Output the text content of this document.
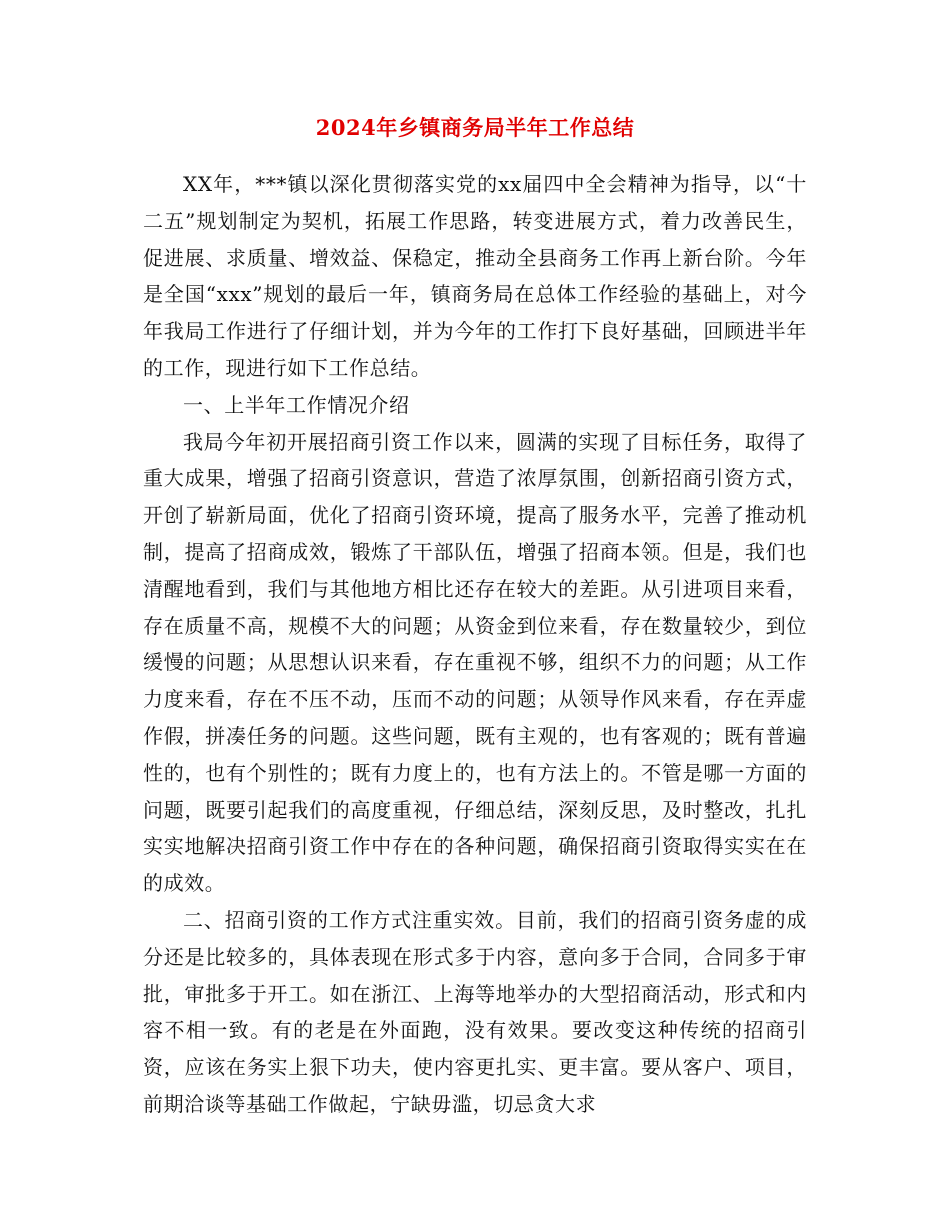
2024年乡镇商务局半年工作总结

XX年，***镇以深化贯彻落实党的xx届四中全会精神为指导，以“十二五”规划制定为契机，拓展工作思路，转变进展方式，着力改善民生，促进展、求质量、增效益、保稳定，推动全县商务工作再上新台阶。今年是全国“xxx”规划的最后一年，镇商务局在总体工作经验的基础上，对今年我局工作进行了仔细计划，并为今年的工作打下良好基础，回顾进半年的工作，现进行如下工作总结。

一、上半年工作情况介绍

我局今年初开展招商引资工作以来，圆满的实现了目标任务，取得了重大成果，增强了招商引资意识，营造了浓厚氛围，创新招商引资方式，开创了崭新局面，优化了招商引资环境，提高了服务水平，完善了推动机制，提高了招商成效，锻炼了干部队伍，增强了招商本领。但是，我们也清醒地看到，我们与其他地方相比还存在较大的差距。从引进项目来看，存在质量不高，规模不大的问题；从资金到位来看，存在数量较少，到位缓慢的问题；从思想认识来看，存在重视不够，组织不力的问题；从工作力度来看，存在不压不动，压而不动的问题；从领导作风来看，存在弄虚作假，拼凑任务的问题。这些问题，既有主观的，也有客观的；既有普遍性的，也有个别性的；既有力度上的，也有方法上的。不管是哪一方面的问题，既要引起我们的高度重视，仔细总结，深刻反思，及时整改，扎扎实实地解决招商引资工作中存在的各种问题，确保招商引资取得实实在在的成效。

二、招商引资的工作方式注重实效。目前，我们的招商引资务虚的成分还是比较多的，具体表现在形式多于内容，意向多于合同，合同多于审批，审批多于开工。如在浙江、上海等地举办的大型招商活动，形式和内容不相一致。有的老是在外面跑，没有效果。要改变这种传统的招商引资，应该在务实上狠下功夫，使内容更扎实、更丰富。要从客户、项目，前期洽谈等基础工作做起，宁缺毋滥，切忌贪大求
